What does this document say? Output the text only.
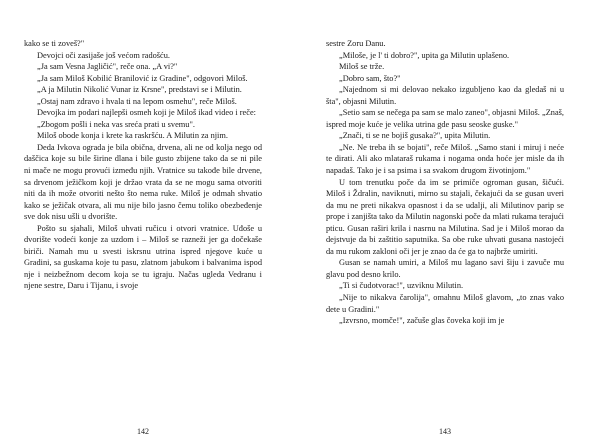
kako se ti zoveš?"

Devojci oči zasijaše još većom radošću.

„Ja sam Vesna Jagličić", reče ona. „A vi?"

„Ja sam Miloš Kobilić Branilović iz Gradine", odgovori Miloš.

„A ja Milutin Nikolić Vunar iz Krsne", predstavi se i Milutin.

„Ostaj nam zdravo i hvala ti na lepom osmehu", reče Miloš.

Devojka im podari najlepši osmeh koji je Miloš ikad video i reče:

„Zbogom pošli i neka vas sreća prati u svemu".

Miloš obode konja i krete ka raskršću. A Milutin za njim.

Deda Ivkova ograda je bila obična, drvena, ali ne od kolja nego od daščica koje su bile širine dlana i bile gusto zbijene tako da se ni pile ni mače ne mogu provući između njih. Vratnice su takođe bile drvene, sa drvenom ježičkom koji je držao vrata da se ne mogu sama otvoriti niti da ih može otvoriti nešto što nema ruke. Miloš je odmah shvatio kako se ježičak otvara, ali mu nije bilo jasno čemu toliko obezbeđenje sve dok nisu ušli u dvorište.

Pošto su sjahali, Miloš uhvati ručicu i otvori vratnice. Uđoše u dvorište vodeći konje za uzdom i – Miloš se razneži jer ga dočekaše biriči. Namah mu u svesti iskrsnu utrina ispred njegove kuće u Gradini, sa guskama koje tu pasu, zlatnom jabukom i balvanima ispod nje i neizbežnom decom koja se tu igraju. Načas ugleda Vedranu i njene sestre, Daru i Tijanu, i svoje

142

sestre Zoru Danu.

„Miloše, je l' ti dobro?", upita ga Milutin uplašeno.

Miloš se trže.

„Dobro sam, što?"

„Najednom si mi delovao nekako izgubljeno kao da gledaš ni u šta", objasni Milutin.

„Setio sam se nečega pa sam se malo zaneo", objasni Miloš. „Znaš, ispred moje kuće je velika utrina gde pasu seoske guske."

„Znači, ti se ne bojiš gusaka?", upita Milutin.

„Ne. Ne treba ih se bojati", reče Miloš. „Samo stani i miruj i neće te dirati. Ali ako mlataraš rukama i nogama onda hoće jer misle da ih napadaš. Tako je i sa psima i sa svakom drugom životinjom."

U tom trenutku poče da im se primiče ogroman gusan, šičući. Miloš i Ždralin, naviknuti, mirno su stajali, čekajući da se gusan uveri da mu ne preti nikakva opasnost i da se udalji, ali Milutinov parip se prope i zanjišta tako da Milutin nagonski poče da mlati rukama teraјući pticu. Gusan raširi krila i nasrnu na Milutina. Sad je i Miloš morao da dejstvuje da bi zaštitio saputnika. Sa obe ruke uhvati gusana nastojeći da mu rukom zakloni oči jer je znao da će ga to najbrže umiriti.

Gusan se namah umiri, a Miloš mu lagano savi šiju i zavuče mu glavu pod desno krilo.

„Ti si čudotvorac!", uzviknu Milutin.

„Nije to nikakva čarolija", omahnu Miloš glavom, „to znas vako dete u Gradini."

„Izvrsno, momče!", začuše glas čoveka koji im je

143
